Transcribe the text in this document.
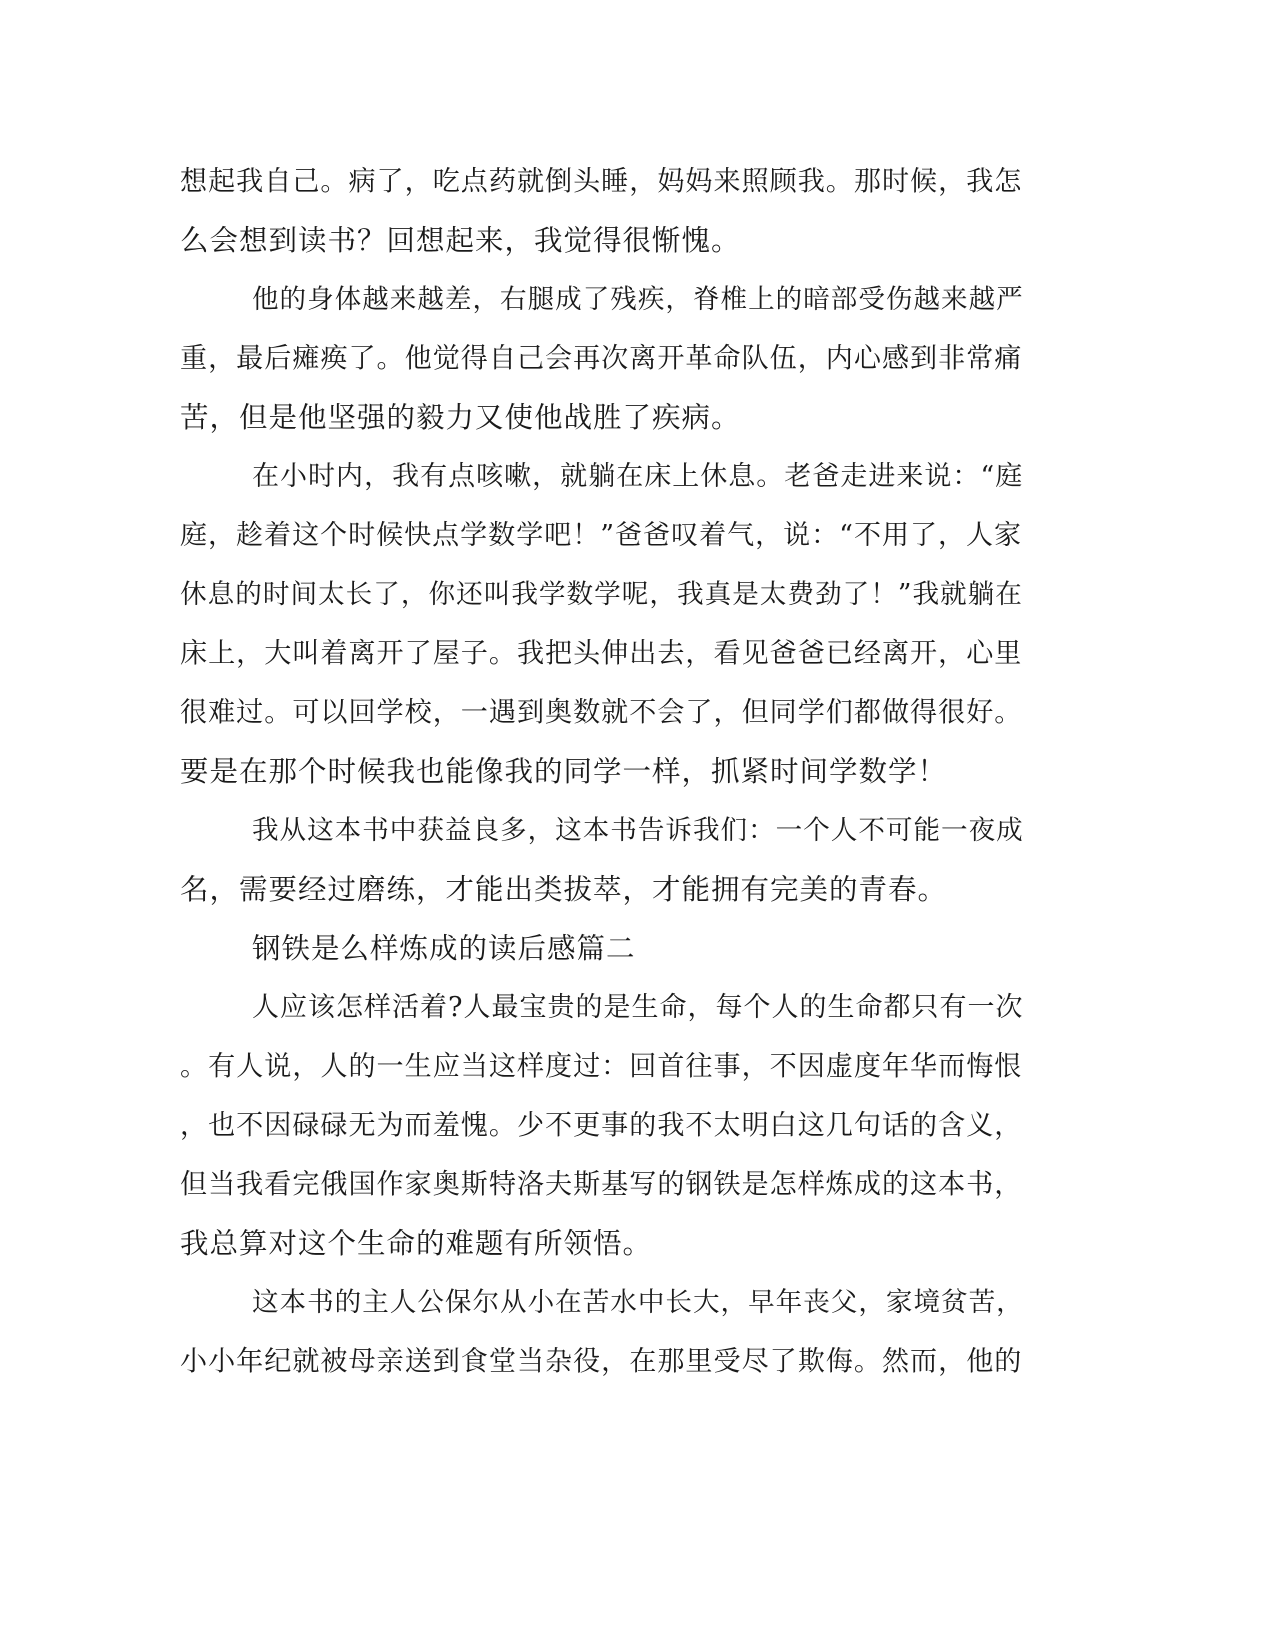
想起我自己。病了，吃点药就倒头睡，妈妈来照顾我。那时候，我怎
么会想到读书？回想起来，我觉得很惭愧。
他的身体越来越差，右腿成了残疾，脊椎上的暗部受伤越来越严
重，最后瘫痪了。他觉得自己会再次离开革命队伍，内心感到非常痛
苦，但是他坚强的毅力又使他战胜了疾病。
在小时内，我有点咳嗽，就躺在床上休息。老爸走进来说：“庭
庭，趁着这个时候快点学数学吧！”爸爸叹着气，说：“不用了，人家
休息的时间太长了，你还叫我学数学呢，我真是太费劲了！”我就躺在
床上，大叫着离开了屋子。我把头伸出去，看见爸爸已经离开，心里
很难过。可以回学校，一遇到奥数就不会了，但同学们都做得很好。
要是在那个时候我也能像我的同学一样，抓紧时间学数学！
我从这本书中获益良多，这本书告诉我们：一个人不可能一夜成
名，需要经过磨练，才能出类拔萃，才能拥有完美的青春。
钢铁是么样炼成的读后感篇二
人应该怎样活着?人最宝贵的是生命，每个人的生命都只有一次
。有人说，人的一生应当这样度过：回首往事，不因虚度年华而悔恨
，也不因碌碌无为而羞愧。少不更事的我不太明白这几句话的含义，
但当我看完俄国作家奥斯特洛夫斯基写的钢铁是怎样炼成的这本书，
我总算对这个生命的难题有所领悟。
这本书的主人公保尔从小在苦水中长大，早年丧父，家境贫苦，
小小年纪就被母亲送到食堂当杂役，在那里受尽了欺侮。然而，他的
